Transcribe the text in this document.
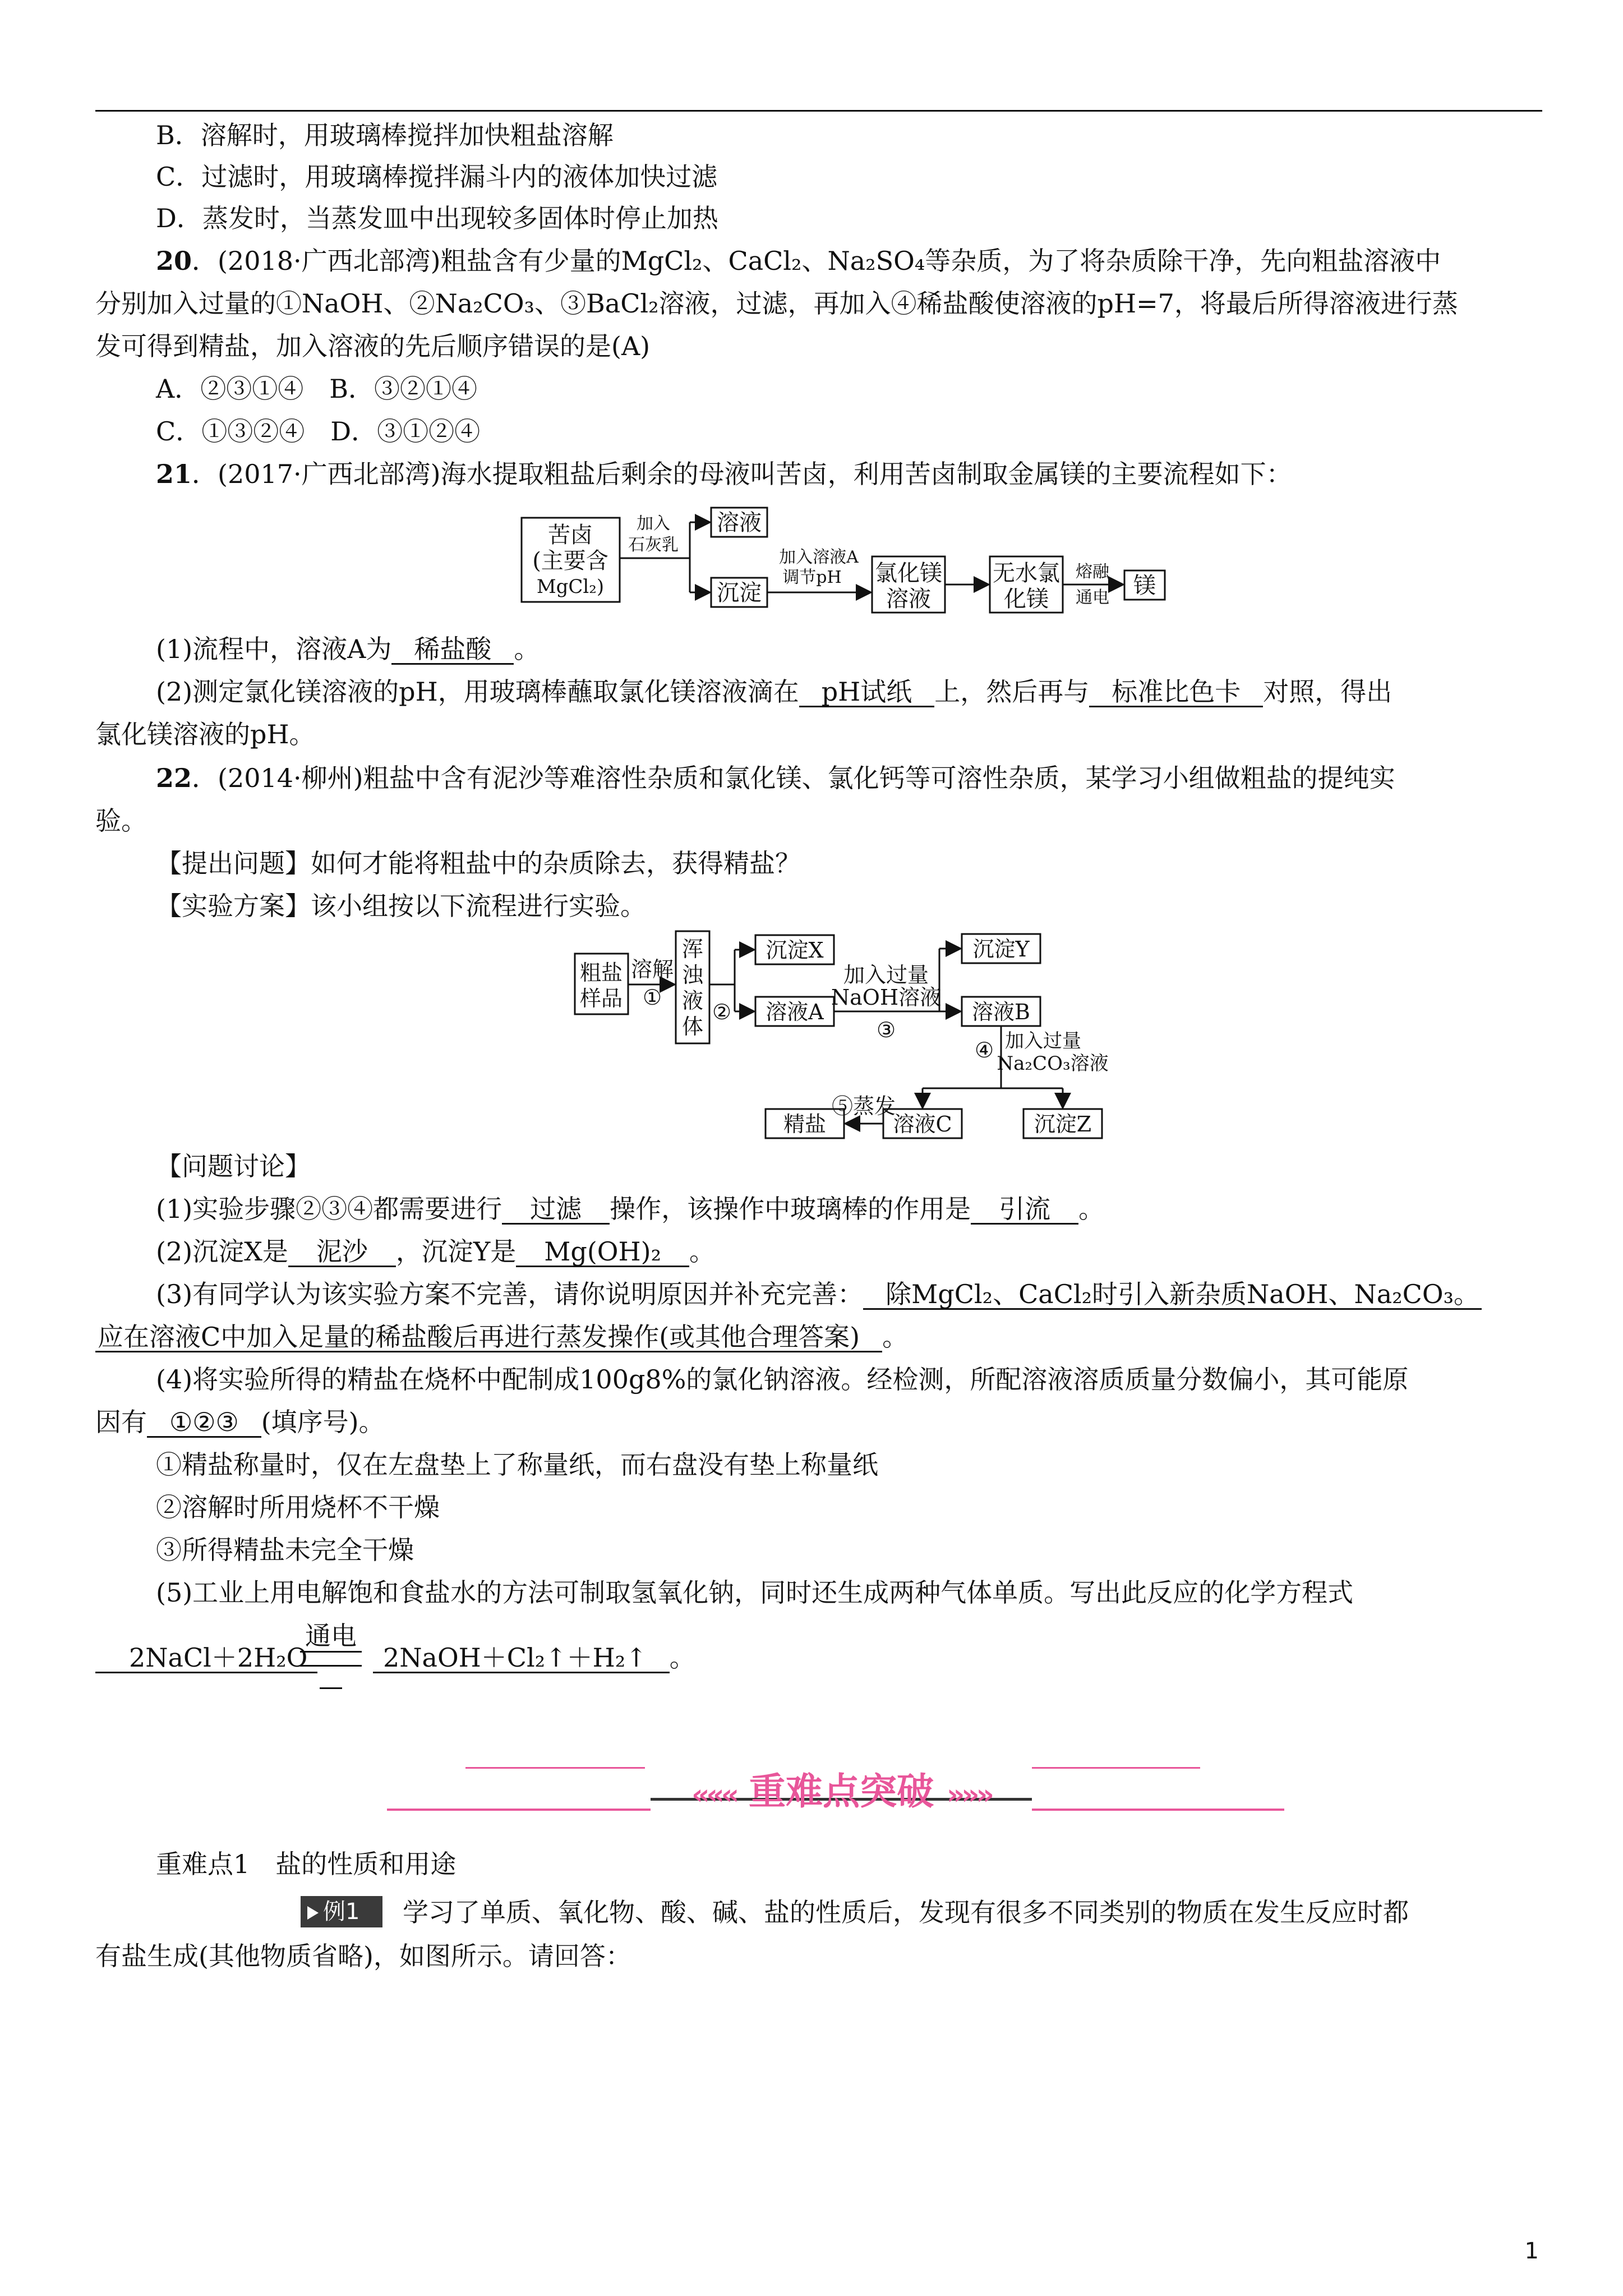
B．溶解时，用玻璃棒搅拌加快粗盐溶解
C．过滤时，用玻璃棒搅拌漏斗内的液体加快过滤
D．蒸发时，当蒸发皿中出现较多固体时停止加热
20．(2018·广西北部湾)粗盐含有少量的MgCl₂、CaCl₂、Na₂SO₄等杂质，为了将杂质除干净，先向粗盐溶液中
分别加入过量的①NaOH、②Na₂CO₃、③BaCl₂溶液，过滤，再加入④稀盐酸使溶液的pH=7，将最后所得溶液进行蒸
发可得到精盐，加入溶液的先后顺序错误的是(A)
A．②③①④　B．③②①④
C．①③②④　D．③①②④
21．(2017·广西北部湾)海水提取粗盐后剩余的母液叫苦卤，利用苦卤制取金属镁的主要流程如下：
苦卤
(主要含
MgCl₂)
溶液
沉淀
氯化镁
溶液
无水氯
化镁
镁
加入
石灰乳
加入溶液A
调节pH	熔融
通电
(1)流程中，溶液A为 稀盐酸 。
(2)测定氯化镁溶液的pH，用玻璃棒蘸取氯化镁溶液滴在 pH试纸 上，然后再与 标准比色卡 对照，得出
氯化镁溶液的pH。
22．(2014·柳州)粗盐中含有泥沙等难溶性杂质和氯化镁、氯化钙等可溶性杂质，某学习小组做粗盐的提纯实
验。
【提出问题】如何才能将粗盐中的杂质除去，获得精盐？
【实验方案】该小组按以下流程进行实验。
粗盐
样品
浑
浊
液
体
沉淀X
溶液A
沉淀Y
溶液B
溶液C	沉淀Z
精盐
溶解
①
②
加入过量
NaOH溶液
③
④ 加入过量
Na₂CO₃溶液
⑤蒸发
【问题讨论】
(1)实验步骤②③④都需要进行 过滤 操作，该操作中玻璃棒的作用是 引流 。
(2)沉淀X是 泥沙 ，沉淀Y是 Mg(OH)₂ 。
(3)有同学认为该实验方案不完善，请你说明原因并补充完善： 除MgCl₂、CaCl₂时引入新杂质NaOH、Na₂CO₃。
应在溶液C中加入足量的稀盐酸后再进行蒸发操作(或其他合理答案) 。
(4)将实验所得的精盐在烧杯中配制成100g8%的氯化钠溶液。经检测，所配溶液溶质质量分数偏小，其可能原
因有 ①②③ (填序号)。
①精盐称量时，仅在左盘垫上了称量纸，而右盘没有垫上称量纸
②溶解时所用烧杯不干燥
③所得精盐未完全干燥
(5)工业上用电解饱和食盐水的方法可制取氢氧化钠，同时还生成两种气体单质。写出此反应的化学方程式
2NaCl＋2H₂O
通电
2NaOH＋Cl₂↑＋H₂↑ 。
««« 重难点突破 »»»
重难点1　盐的性质和用途
例1	学习了单质、氧化物、酸、碱、盐的性质后，发现有很多不同类别的物质在发生反应时都
有盐生成(其他物质省略)，如图所示。请回答：
1
